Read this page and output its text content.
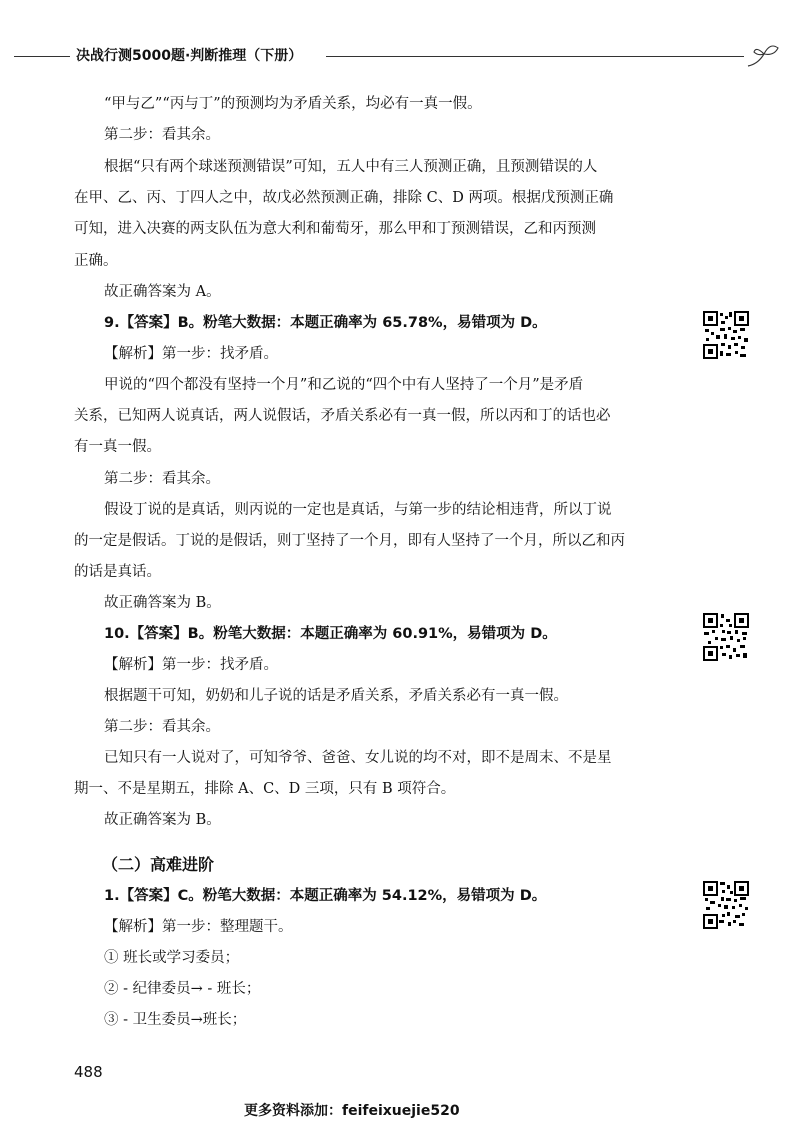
决战行测5000题·判断推理（下册）
“甲与乙”“丙与丁”的预测均为矛盾关系，均必有一真一假。
第二步：看其余。
根据“只有两个球迷预测错误”可知，五人中有三人预测正确，且预测错误的人
在甲、乙、丙、丁四人之中，故戊必然预测正确，排除 C、D 两项。根据戊预测正确
可知，进入决赛的两支队伍为意大利和葡萄牙，那么甲和丁预测错误，乙和丙预测
正确。
故正确答案为 A。
9.【答案】B。粉笔大数据：本题正确率为 65.78%，易错项为 D。
【解析】第一步：找矛盾。
甲说的“四个都没有坚持一个月”和乙说的“四个中有人坚持了一个月”是矛盾
关系，已知两人说真话，两人说假话，矛盾关系必有一真一假，所以丙和丁的话也必
有一真一假。
第二步：看其余。
假设丁说的是真话，则丙说的一定也是真话，与第一步的结论相违背，所以丁说
的一定是假话。丁说的是假话，则丁坚持了一个月，即有人坚持了一个月，所以乙和丙
的话是真话。
故正确答案为 B。
10.【答案】B。粉笔大数据：本题正确率为 60.91%，易错项为 D。
【解析】第一步：找矛盾。
根据题干可知，奶奶和儿子说的话是矛盾关系，矛盾关系必有一真一假。
第二步：看其余。
已知只有一人说对了，可知爷爷、爸爸、女儿说的均不对，即不是周末、不是星
期一、不是星期五，排除 A、C、D 三项，只有 B 项符合。
故正确答案为 B。
（二）高难进阶
1.【答案】C。粉笔大数据：本题正确率为 54.12%，易错项为 D。
【解析】第一步：整理题干。
① 班长或学习委员；
② - 纪律委员→ - 班长；
③ - 卫生委员→班长；
488
更多资料添加：feifeixuejie520
